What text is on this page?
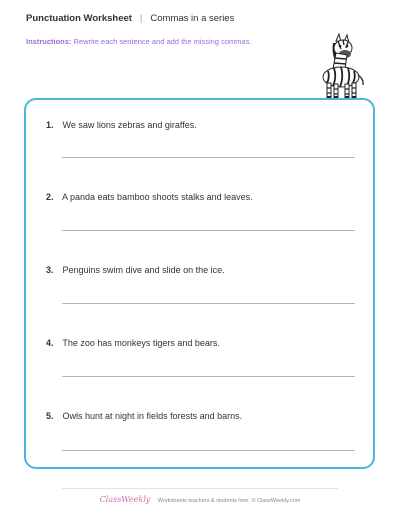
Punctuation Worksheet | Commas in a series
Instructions: Rewrite each sentence and add the missing commas.
1. We saw lions zebras and giraffes.
2. A panda eats bamboo shoots stalks and leaves.
3. Penguins swim dive and slide on the ice.
4. The zoo has monkeys tigers and bears.
5. Owls hunt at night in fields forests and barns.
ClassWeekly Worksheets teachers & students love. © ClassWeekly.com
